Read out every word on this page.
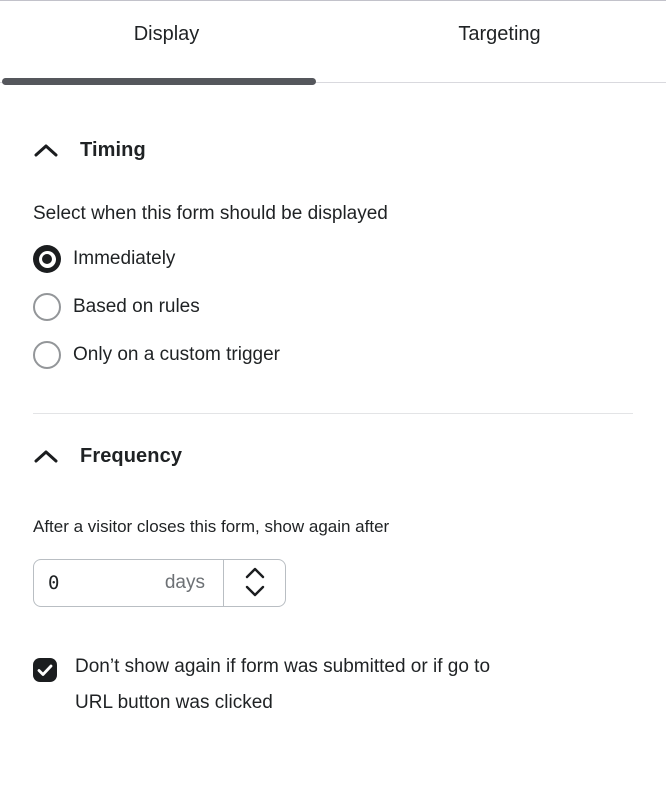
Display	Targeting
Timing
Select when this form should be displayed
Immediately
Based on rules
Only on a custom trigger
Frequency
After a visitor closes this form, show again after
0
days
Don’t show again if form was submitted or if go to
URL button was clicked
